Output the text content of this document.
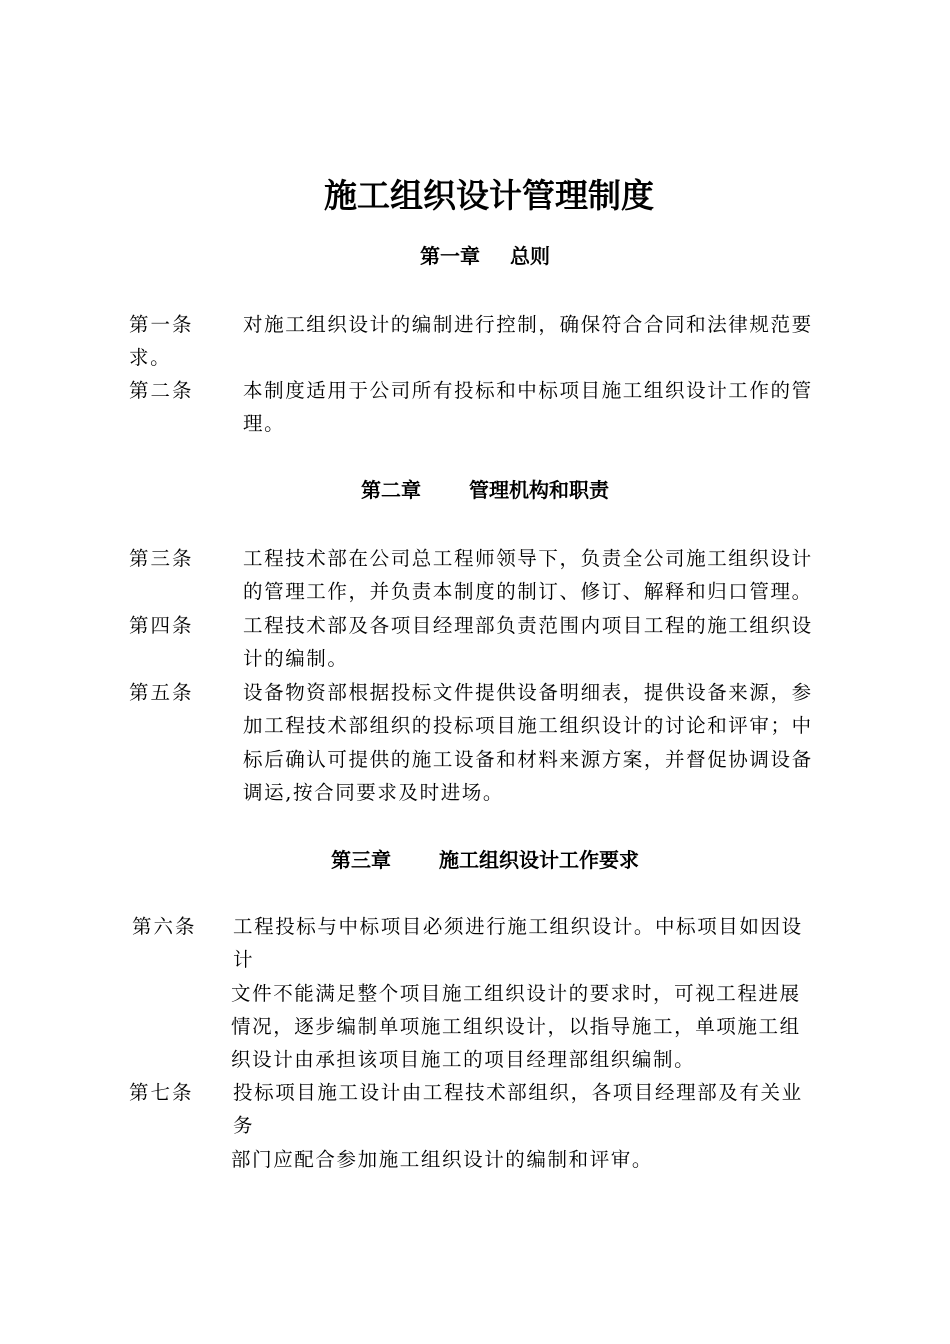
施工组织设计管理制度
第一章 总则
第一条	对施工组织设计的编制进行控制，确保符合合同和法律规范要
求。
第二条	本制度适用于公司所有投标和中标项目施工组织设计工作的管
理。
第二章 管理机构和职责
第三条	工程技术部在公司总工程师领导下，负责全公司施工组织设计
的管理工作，并负责本制度的制订、修订、解释和归口管理。
第四条	工程技术部及各项目经理部负责范围内项目工程的施工组织设
计的编制。
第五条	设备物资部根据投标文件提供设备明细表，提供设备来源，参
加工程技术部组织的投标项目施工组织设计的讨论和评审；中
标后确认可提供的施工设备和材料来源方案，并督促协调设备
调运,按合同要求及时进场。
第三章 施工组织设计工作要求
第六条 工程投标与中标项目必须进行施工组织设计。中标项目如因设
计
文件不能满足整个项目施工组织设计的要求时，可视工程进展
情况，逐步编制单项施工组织设计，以指导施工，单项施工组
织设计由承担该项目施工的项目经理部组织编制。
第七条 投标项目施工设计由工程技术部组织，各项目经理部及有关业
务
部门应配合参加施工组织设计的编制和评审。
